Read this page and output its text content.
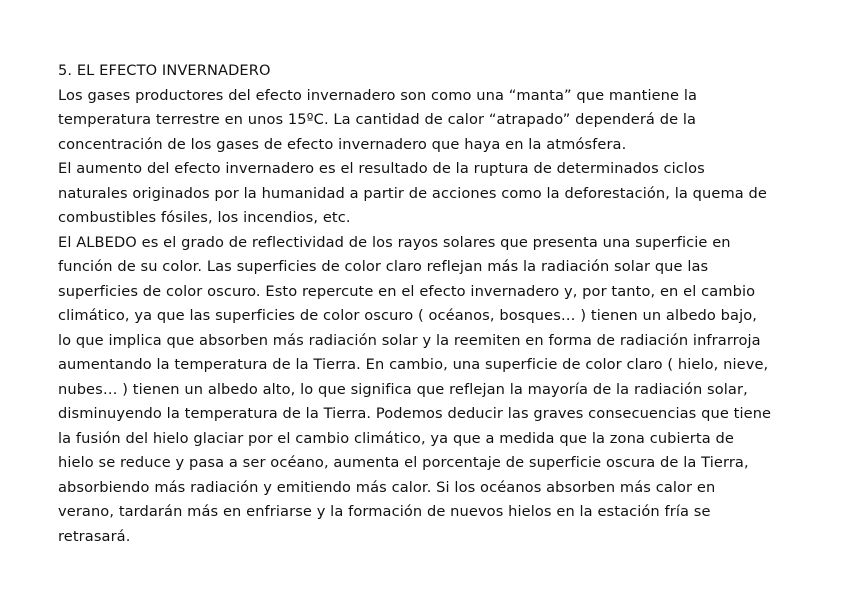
5. EL EFECTO INVERNADERO
Los gases productores del efecto invernadero son como una “manta” que mantiene la
temperatura terrestre en unos 15ºC. La cantidad de calor “atrapado” dependerá de la
concentración de los gases de efecto invernadero que haya en la atmósfera.
El aumento del efecto invernadero es el resultado de la ruptura de determinados ciclos
naturales originados por la humanidad a partir de acciones como la deforestación, la quema de
combustibles fósiles, los incendios, etc.
El ALBEDO es el grado de reflectividad de los rayos solares que presenta una superficie en
función de su color. Las superficies de color claro reflejan más la radiación solar que las
superficies de color oscuro. Esto repercute en el efecto invernadero y, por tanto, en el cambio
climático, ya que las superficies de color oscuro ( océanos, bosques… ) tienen un albedo bajo,
lo que implica que absorben más radiación solar y la reemiten en forma de radiación infrarroja
aumentando la temperatura de la Tierra. En cambio, una superficie de color claro ( hielo, nieve,
nubes… ) tienen un albedo alto, lo que significa que reflejan la mayoría de la radiación solar,
disminuyendo la temperatura de la Tierra. Podemos deducir las graves consecuencias que tiene
la fusión del hielo glaciar por el cambio climático, ya que a medida que la zona cubierta de
hielo se reduce y pasa a ser océano, aumenta el porcentaje de superficie oscura de la Tierra,
absorbiendo más radiación y emitiendo más calor. Si los océanos absorben más calor en
verano, tardarán más en enfriarse y la formación de nuevos hielos en la estación fría se
retrasará.
